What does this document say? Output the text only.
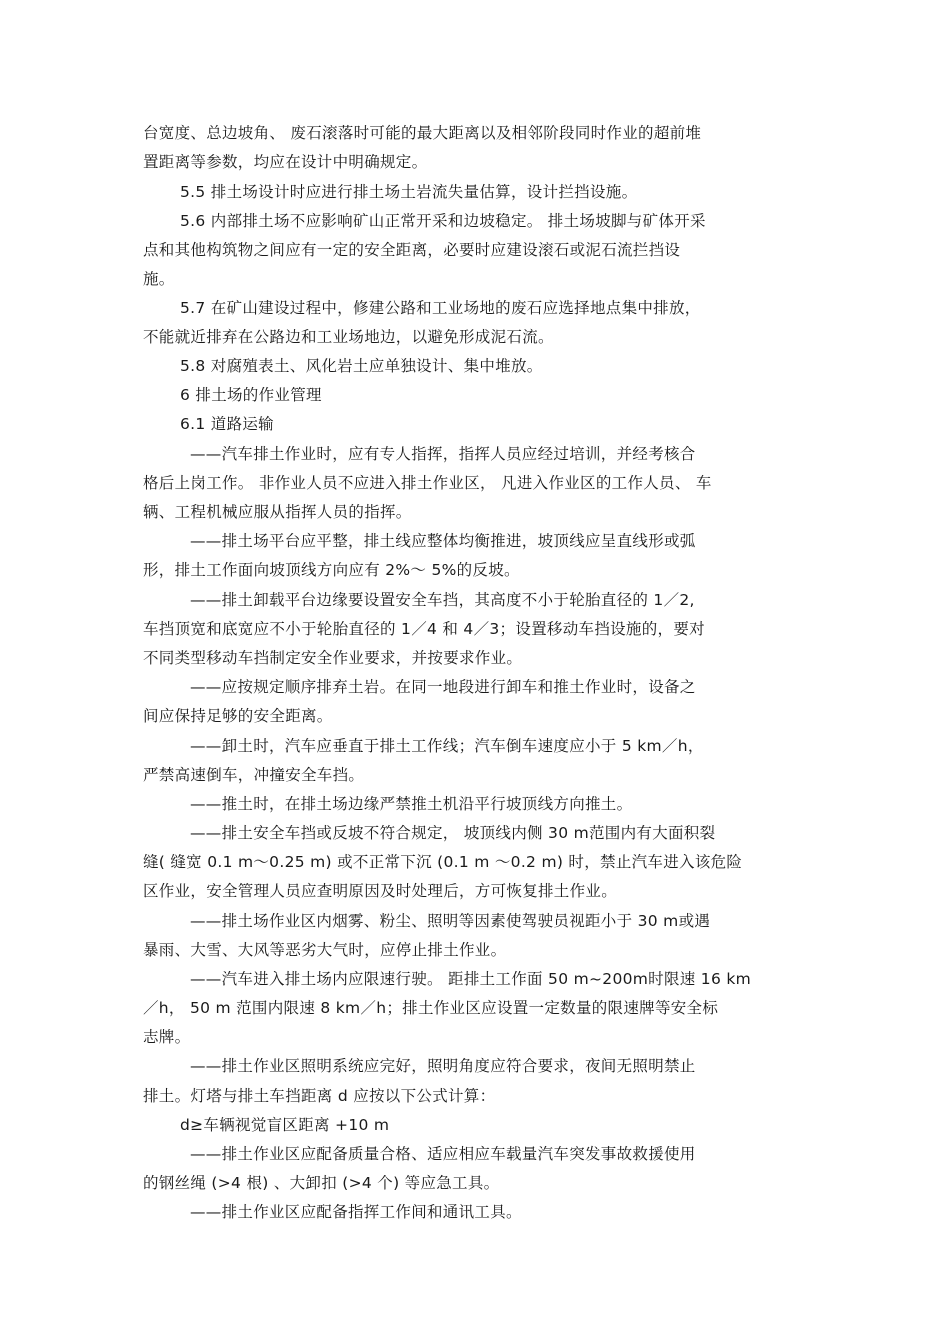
台宽度、总边坡角、 废石滚落时可能的最大距离以及相邻阶段同时作业的超前堆
置距离等参数，均应在设计中明确规定。
5.5 排土场设计时应进行排土场土岩流失量估算，设计拦挡设施。
5.6 内部排土场不应影响矿山正常开采和边坡稳定。 排土场坡脚与矿体开采
点和其他构筑物之间应有一定的安全距离，必要时应建设滚石或泥石流拦挡设
施。
5.7 在矿山建设过程中，修建公路和工业场地的废石应选择地点集中排放，
不能就近排弃在公路边和工业场地边，以避免形成泥石流。
5.8 对腐殖表土、风化岩土应单独设计、集中堆放。
6 排土场的作业管理
6.1 道路运输
——汽车排土作业时，应有专人指挥，指挥人员应经过培训，并经考核合
格后上岗工作。 非作业人员不应进入排土作业区， 凡进入作业区的工作人员、 车
辆、工程机械应服从指挥人员的指挥。
——排土场平台应平整，排土线应整体均衡推进，坡顶线应呈直线形或弧
形，排土工作面向坡顶线方向应有 2%～ 5%的反坡。
——排土卸载平台边缘要设置安全车挡，其高度不小于轮胎直径的 1／2,
车挡顶宽和底宽应不小于轮胎直径的 1／4 和 4／3；设置移动车挡设施的，要对
不同类型移动车挡制定安全作业要求，并按要求作业。
——应按规定顺序排弃土岩。在同一地段进行卸车和推土作业时，设备之
间应保持足够的安全距离。
——卸土时，汽车应垂直于排土工作线；汽车倒车速度应小于 5 km／h，
严禁高速倒车，冲撞安全车挡。
——推土时，在排土场边缘严禁推土机沿平行坡顶线方向推土。
——排土安全车挡或反坡不符合规定， 坡顶线内侧 30 m范围内有大面积裂
缝( 缝宽 0.1 m～0.25 m) 或不正常下沉 (0.1 m ～0.2 m) 时，禁止汽车进入该危险
区作业，安全管理人员应查明原因及时处理后，方可恢复排土作业。
——排土场作业区内烟雾、粉尘、照明等因素使驾驶员视距小于 30 m或遇
暴雨、大雪、大风等恶劣大气时，应停止排土作业。
——汽车进入排土场内应限速行驶。 距排土工作面 50 m~200m时限速 16 km
／h， 50 m 范围内限速 8 km／h；排土作业区应设置一定数量的限速牌等安全标
志牌。
——排土作业区照明系统应完好，照明角度应符合要求，夜间无照明禁止
排土。灯塔与排土车挡距离 d 应按以下公式计算：
d≥车辆视觉盲区距离 +10 m
——排土作业区应配备质量合格、适应相应车载量汽车突发事故救援使用
的钢丝绳 (>4 根) 、大卸扣 (>4 个) 等应急工具。
——排土作业区应配备指挥工作间和通讯工具。
